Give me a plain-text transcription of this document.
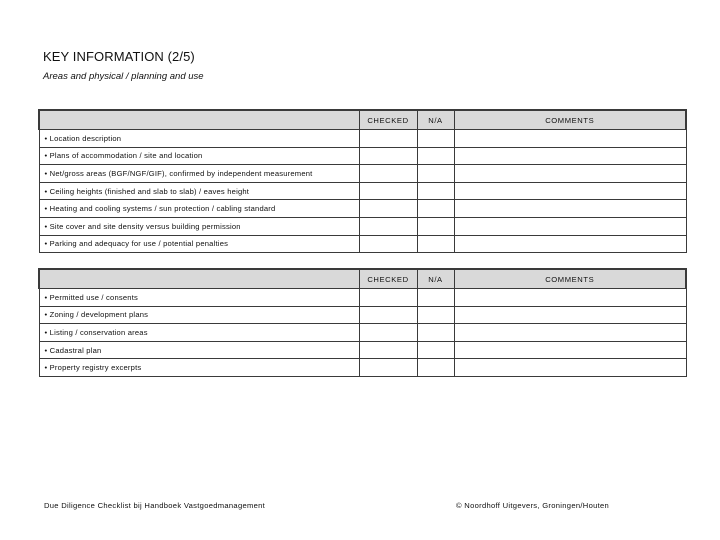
KEY INFORMATION (2/5)
Areas and physical / planning and use
	CHECKED	N/A	COMMENTS
• Location description			
• Plans of accommodation / site and location			
• Net/gross areas (BGF/NGF/GIF), confirmed by independent measurement			
• Ceiling heights (finished and slab to slab) / eaves height			
• Heating and cooling systems / sun protection / cabling standard			
• Site cover and site density versus building permission			
• Parking and adequacy for use / potential penalties			
	CHECKED	N/A	COMMENTS
• Permitted use / consents			
• Zoning / development plans			
• Listing / conservation areas			
• Cadastral plan			
• Property registry excerpts			
Due Diligence Checklist bij Handboek Vastgoedmanagement	© Noordhoff Uitgevers, Groningen/Houten
